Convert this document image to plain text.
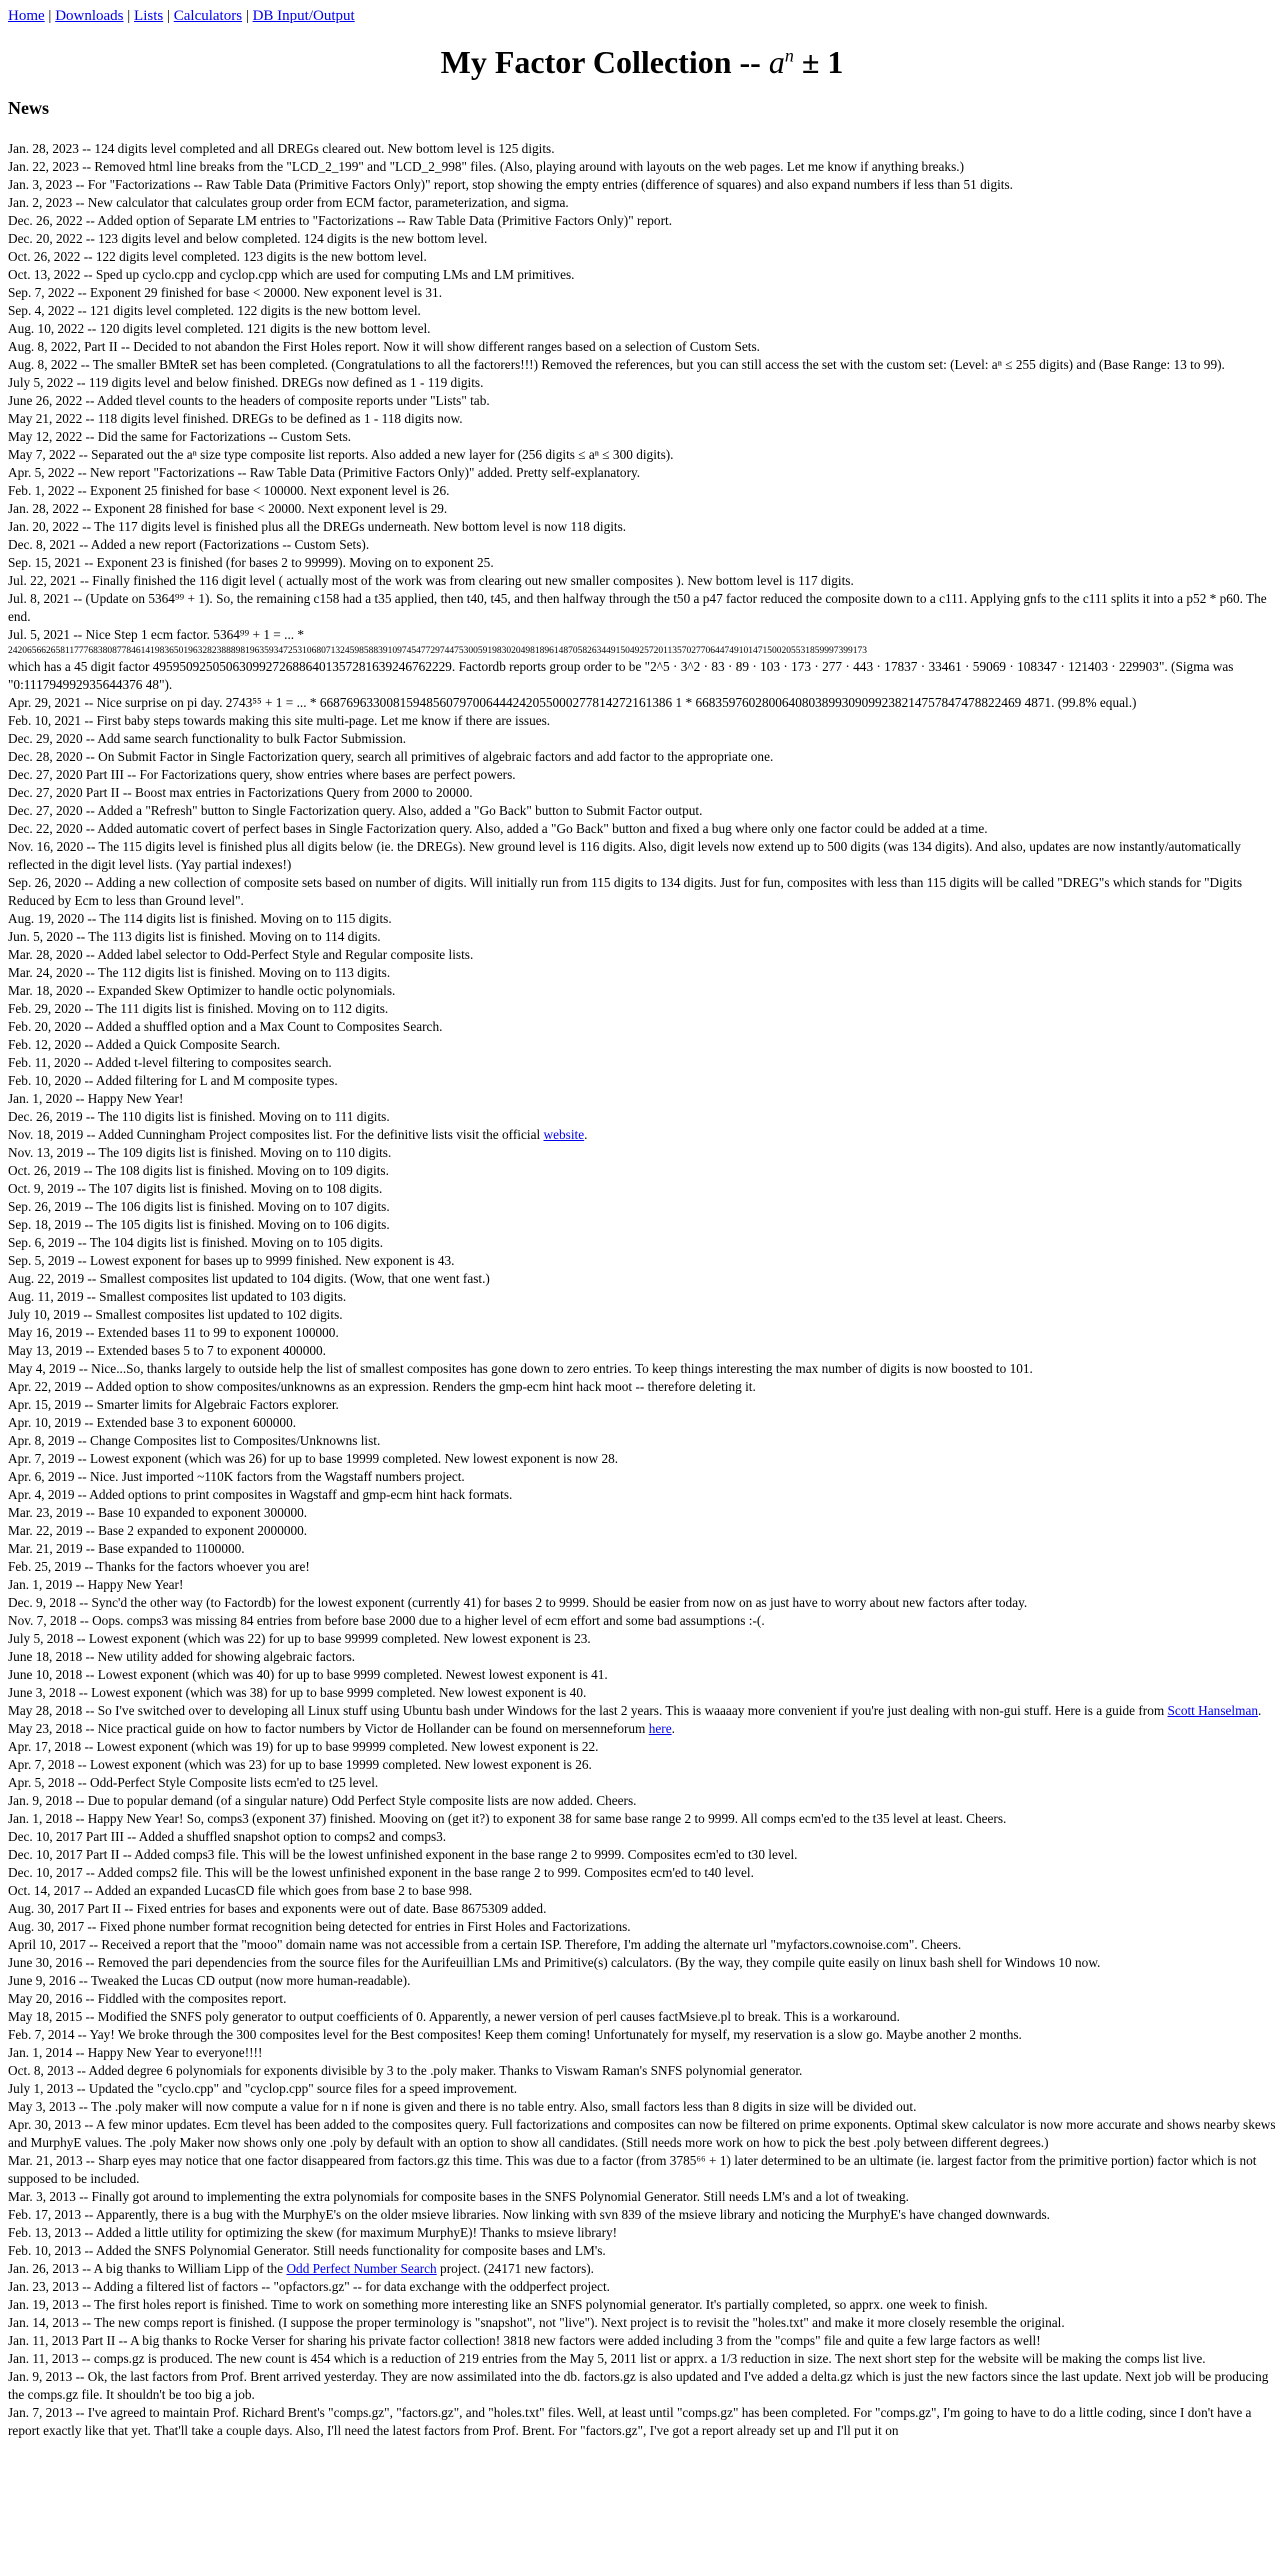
Home | Downloads | Lists | Calculators | DB Input/Output
My Factor Collection -- $a^n \pm 1$
News
Jan. 28, 2023 -- 124 digits level completed and all DREGs cleared out. New bottom level is 125 digits.
Jan. 22, 2023 -- Removed html line breaks from the "LCD_2_199" and "LCD_2_998" files. (Also, playing around with layouts on the web pages. Let me know if anything breaks.)
Jan. 3, 2023 -- For "Factorizations -- Raw Table Data (Primitive Factors Only)" report, stop showing the empty entries (difference of squares) and also expand numbers if less than 51 digits.
Jan. 2, 2023 -- New calculator that calculates group order from ECM factor, parameterization, and sigma.
Dec. 26, 2022 -- Added option of Separate LM entries to "Factorizations -- Raw Table Data (Primitive Factors Only)" report.
Dec. 20, 2022 -- 123 digits level and below completed. 124 digits is the new bottom level.
Oct. 26, 2022 -- 122 digits level completed. 123 digits is the new bottom level.
Oct. 13, 2022 -- Sped up cyclo.cpp and cyclop.cpp which are used for computing LMs and LM primitives.
Sep. 7, 2022 -- Exponent 29 finished for base < 20000. New exponent level is 31.
Sep. 4, 2022 -- 121 digits level completed. 122 digits is the new bottom level.
Aug. 10, 2022 -- 120 digits level completed. 121 digits is the new bottom level.
Aug. 8, 2022, Part II -- Decided to not abandon the First Holes report. Now it will show different ranges based on a selection of Custom Sets.
Aug. 8, 2022 -- The smaller BMteR set has been completed. (Congratulations to all the factorers!!!) Removed the references, but you can still access the set with the custom set: (Level: aⁿ ≤ 255 digits) and (Base Range: 13 to 99).
July 5, 2022 -- 119 digits level and below finished. DREGs now defined as 1 - 119 digits.
June 26, 2022 -- Added tlevel counts to the headers of composite reports under "Lists" tab.
May 21, 2022 -- 118 digits level finished. DREGs to be defined as 1 - 118 digits now.
May 12, 2022 -- Did the same for Factorizations -- Custom Sets.
May 7, 2022 -- Separated out the aⁿ size type composite list reports. Also added a new layer for (256 digits ≤ aⁿ ≤ 300 digits).
Apr. 5, 2022 -- New report "Factorizations -- Raw Table Data (Primitive Factors Only)" added. Pretty self-explanatory.
Feb. 1, 2022 -- Exponent 25 finished for base < 100000. Next exponent level is 26.
Jan. 28, 2022 -- Exponent 28 finished for base < 20000. Next exponent level is 29.
Jan. 20, 2022 -- The 117 digits level is finished plus all the DREGs underneath. New bottom level is now 118 digits.
Dec. 8, 2021 -- Added a new report (Factorizations -- Custom Sets).
Sep. 15, 2021 -- Exponent 23 is finished (for bases 2 to 99999). Moving on to exponent 25.
Jul. 22, 2021 -- Finally finished the 116 digit level ( actually most of the work was from clearing out new smaller composites ). New bottom level is 117 digits.
Jul. 8, 2021 -- (Update on 5364⁹⁹ + 1). So, the remaining c158 had a t35 applied, then t40, t45, and then halfway through the t50 a p47 factor reduced the composite down to a c111. Applying gnfs to the c111 splits it into a p52 * p60. The end.
Jul. 5, 2021 -- Nice Step 1 ecm factor. 5364⁹⁹ + 1 = ... *
2420656626581177768380877846141983650196328238889819635934725310680713245985883910974547729744753005919830204981896148705826344915049257201135702770644749101471500205531859997399173
which has a 45 digit factor 495950925050630992726886401357281639246762229. Factordb reports group order to be "2^5 · 3^2 · 83 · 89 · 103 · 173 · 277 · 443 · 17837 · 33461 · 59069 · 108347 · 121403 · 229903". (Sigma was "0:111794992935644376 48").
Apr. 29, 2021 -- Nice surprise on pi day. 2743⁵⁵ + 1 = ... * 66876963300815948560797006444242055000277814272161386 1 * 6683597602800640803899309099238214757847478822469 4871. (99.8% equal.)
Feb. 10, 2021 -- First baby steps towards making this site multi-page. Let me know if there are issues.
Dec. 29, 2020 -- Add same search functionality to bulk Factor Submission.
Dec. 28, 2020 -- On Submit Factor in Single Factorization query, search all primitives of algebraic factors and add factor to the appropriate one.
Dec. 27, 2020 Part III -- For Factorizations query, show entries where bases are perfect powers.
Dec. 27, 2020 Part II -- Boost max entries in Factorizations Query from 2000 to 20000.
Dec. 27, 2020 -- Added a "Refresh" button to Single Factorization query. Also, added a "Go Back" button to Submit Factor output.
Dec. 22, 2020 -- Added automatic covert of perfect bases in Single Factorization query. Also, added a "Go Back" button and fixed a bug where only one factor could be added at a time.
Nov. 16, 2020 -- The 115 digits level is finished plus all digits below (ie. the DREGs). New ground level is 116 digits. Also, digit levels now extend up to 500 digits (was 134 digits). And also, updates are now instantly/automatically reflected in the digit level lists. (Yay partial indexes!)
Sep. 26, 2020 -- Adding a new collection of composite sets based on number of digits. Will initially run from 115 digits to 134 digits. Just for fun, composites with less than 115 digits will be called "DREG"s which stands for "Digits Reduced by Ecm to less than Ground level".
Aug. 19, 2020 -- The 114 digits list is finished. Moving on to 115 digits.
Jun. 5, 2020 -- The 113 digits list is finished. Moving on to 114 digits.
Mar. 28, 2020 -- Added label selector to Odd-Perfect Style and Regular composite lists.
Mar. 24, 2020 -- The 112 digits list is finished. Moving on to 113 digits.
Mar. 18, 2020 -- Expanded Skew Optimizer to handle octic polynomials.
Feb. 29, 2020 -- The 111 digits list is finished. Moving on to 112 digits.
Feb. 20, 2020 -- Added a shuffled option and a Max Count to Composites Search.
Feb. 12, 2020 -- Added a Quick Composite Search.
Feb. 11, 2020 -- Added t-level filtering to composites search.
Feb. 10, 2020 -- Added filtering for L and M composite types.
Jan. 1, 2020 -- Happy New Year!
Dec. 26, 2019 -- The 110 digits list is finished. Moving on to 111 digits.
Nov. 18, 2019 -- Added Cunningham Project composites list. For the definitive lists visit the official website.
Nov. 13, 2019 -- The 109 digits list is finished. Moving on to 110 digits.
Oct. 26, 2019 -- The 108 digits list is finished. Moving on to 109 digits.
Oct. 9, 2019 -- The 107 digits list is finished. Moving on to 108 digits.
Sep. 26, 2019 -- The 106 digits list is finished. Moving on to 107 digits.
Sep. 18, 2019 -- The 105 digits list is finished. Moving on to 106 digits.
Sep. 6, 2019 -- The 104 digits list is finished. Moving on to 105 digits.
Sep. 5, 2019 -- Lowest exponent for bases up to 9999 finished. New exponent is 43.
Aug. 22, 2019 -- Smallest composites list updated to 104 digits. (Wow, that one went fast.)
Aug. 11, 2019 -- Smallest composites list updated to 103 digits.
July 10, 2019 -- Smallest composites list updated to 102 digits.
May 16, 2019 -- Extended bases 11 to 99 to exponent 100000.
May 13, 2019 -- Extended bases 5 to 7 to exponent 400000.
May 4, 2019 -- Nice...So, thanks largely to outside help the list of smallest composites has gone down to zero entries. To keep things interesting the max number of digits is now boosted to 101.
Apr. 22, 2019 -- Added option to show composites/unknowns as an expression. Renders the gmp-ecm hint hack moot -- therefore deleting it.
Apr. 15, 2019 -- Smarter limits for Algebraic Factors explorer.
Apr. 10, 2019 -- Extended base 3 to exponent 600000.
Apr. 8, 2019 -- Change Composites list to Composites/Unknowns list.
Apr. 7, 2019 -- Lowest exponent (which was 26) for up to base 19999 completed. New lowest exponent is now 28.
Apr. 6, 2019 -- Nice. Just imported ~110K factors from the Wagstaff numbers project.
Apr. 4, 2019 -- Added options to print composites in Wagstaff and gmp-ecm hint hack formats.
Mar. 23, 2019 -- Base 10 expanded to exponent 300000.
Mar. 22, 2019 -- Base 2 expanded to exponent 2000000.
Mar. 21, 2019 -- Base expanded to 1100000.
Feb. 25, 2019 -- Thanks for the factors whoever you are!
Jan. 1, 2019 -- Happy New Year!
Dec. 9, 2018 -- Sync'd the other way (to Factordb) for the lowest exponent (currently 41) for bases 2 to 9999. Should be easier from now on as just have to worry about new factors after today.
Nov. 7, 2018 -- Oops. comps3 was missing 84 entries from before base 2000 due to a higher level of ecm effort and some bad assumptions :-(.
July 5, 2018 -- Lowest exponent (which was 22) for up to base 99999 completed. New lowest exponent is 23.
June 18, 2018 -- New utility added for showing algebraic factors.
June 10, 2018 -- Lowest exponent (which was 40) for up to base 9999 completed. Newest lowest exponent is 41.
June 3, 2018 -- Lowest exponent (which was 38) for up to base 9999 completed. New lowest exponent is 40.
May 28, 2018 -- So I've switched over to developing all Linux stuff using Ubuntu bash under Windows for the last 2 years. This is waaaay more convenient if you're just dealing with non-gui stuff. Here is a guide from Scott Hanselman.
May 23, 2018 -- Nice practical guide on how to factor numbers by Victor de Hollander can be found on mersenneforum here.
Apr. 17, 2018 -- Lowest exponent (which was 19) for up to base 99999 completed. New lowest exponent is 22.
Apr. 7, 2018 -- Lowest exponent (which was 23) for up to base 19999 completed. New lowest exponent is 26.
Apr. 5, 2018 -- Odd-Perfect Style Composite lists ecm'ed to t25 level.
Jan. 9, 2018 -- Due to popular demand (of a singular nature) Odd Perfect Style composite lists are now added. Cheers.
Jan. 1, 2018 -- Happy New Year! So, comps3 (exponent 37) finished. Mooving on (get it?) to exponent 38 for same base range 2 to 9999. All comps ecm'ed to the t35 level at least. Cheers.
Dec. 10, 2017 Part III -- Added a shuffled snapshot option to comps2 and comps3.
Dec. 10, 2017 Part II -- Added comps3 file. This will be the lowest unfinished exponent in the base range 2 to 9999. Composites ecm'ed to t30 level.
Dec. 10, 2017 -- Added comps2 file. This will be the lowest unfinished exponent in the base range 2 to 999. Composites ecm'ed to t40 level.
Oct. 14, 2017 -- Added an expanded LucasCD file which goes from base 2 to base 998.
Aug. 30, 2017 Part II -- Fixed entries for bases and exponents were out of date. Base 8675309 added.
Aug. 30, 2017 -- Fixed phone number format recognition being detected for entries in First Holes and Factorizations.
April 10, 2017 -- Received a report that the "mooo" domain name was not accessible from a certain ISP. Therefore, I'm adding the alternate url "myfactors.cownoise.com". Cheers.
June 30, 2016 -- Removed the pari dependencies from the source files for the Aurifeuillian LMs and Primitive(s) calculators. (By the way, they compile quite easily on linux bash shell for Windows 10 now.
June 9, 2016 -- Tweaked the Lucas CD output (now more human-readable).
May 20, 2016 -- Fiddled with the composites report.
May 18, 2015 -- Modified the SNFS poly generator to output coefficients of 0. Apparently, a newer version of perl causes factMsieve.pl to break. This is a workaround.
Feb. 7, 2014 -- Yay! We broke through the 300 composites level for the Best composites! Keep them coming! Unfortunately for myself, my reservation is a slow go. Maybe another 2 months.
Jan. 1, 2014 -- Happy New Year to everyone!!!!
Oct. 8, 2013 -- Added degree 6 polynomials for exponents divisible by 3 to the .poly maker. Thanks to Viswam Raman's SNFS polynomial generator.
July 1, 2013 -- Updated the "cyclo.cpp" and "cyclop.cpp" source files for a speed improvement.
May 3, 2013 -- The .poly maker will now compute a value for n if none is given and there is no table entry. Also, small factors less than 8 digits in size will be divided out.
Apr. 30, 2013 -- A few minor updates. Ecm tlevel has been added to the composites query. Full factorizations and composites can now be filtered on prime exponents. Optimal skew calculator is now more accurate and shows nearby skews and MurphyE values. The .poly Maker now shows only one .poly by default with an option to show all candidates. (Still needs more work on how to pick the best .poly between different degrees.)
Mar. 21, 2013 -- Sharp eyes may notice that one factor disappeared from factors.gz this time. This was due to a factor (from 3785⁶⁶ + 1) later determined to be an ultimate (ie. largest factor from the primitive portion) factor which is not supposed to be included.
Mar. 3, 2013 -- Finally got around to implementing the extra polynomials for composite bases in the SNFS Polynomial Generator. Still needs LM's and a lot of tweaking.
Feb. 17, 2013 -- Apparently, there is a bug with the MurphyE's on the older msieve libraries. Now linking with svn 839 of the msieve library and noticing the MurphyE's have changed downwards.
Feb. 13, 2013 -- Added a little utility for optimizing the skew (for maximum MurphyE)! Thanks to msieve library!
Feb. 10, 2013 -- Added the SNFS Polynomial Generator. Still needs functionality for composite bases and LM's.
Jan. 26, 2013 -- A big thanks to William Lipp of the Odd Perfect Number Search project. (24171 new factors).
Jan. 23, 2013 -- Adding a filtered list of factors -- "opfactors.gz" -- for data exchange with the oddperfect project.
Jan. 19, 2013 -- The first holes report is finished. Time to work on something more interesting like an SNFS polynomial generator. It's partially completed, so apprx. one week to finish.
Jan. 14, 2013 -- The new comps report is finished. (I suppose the proper terminology is "snapshot", not "live"). Next project is to revisit the "holes.txt" and make it more closely resemble the original.
Jan. 11, 2013 Part II -- A big thanks to Rocke Verser for sharing his private factor collection! 3818 new factors were added including 3 from the "comps" file and quite a few large factors as well!
Jan. 11, 2013 -- comps.gz is produced. The new count is 454 which is a reduction of 219 entries from the May 5, 2011 list or apprx. a 1/3 reduction in size. The next short step for the website will be making the comps list live.
Jan. 9, 2013 -- Ok, the last factors from Prof. Brent arrived yesterday. They are now assimilated into the db. factors.gz is also updated and I've added a delta.gz which is just the new factors since the last update. Next job will be producing the comps.gz file. It shouldn't be too big a job.
Jan. 7, 2013 -- I've agreed to maintain Prof. Richard Brent's "comps.gz", "factors.gz", and "holes.txt" files. Well, at least until "comps.gz" has been completed. For "comps.gz", I'm going to have to do a little coding, since I don't have a report exactly like that yet. That'll take a couple days. Also, I'll need the latest factors from Prof. Brent. For "factors.gz", I've got a report already set up and I'll put it on
